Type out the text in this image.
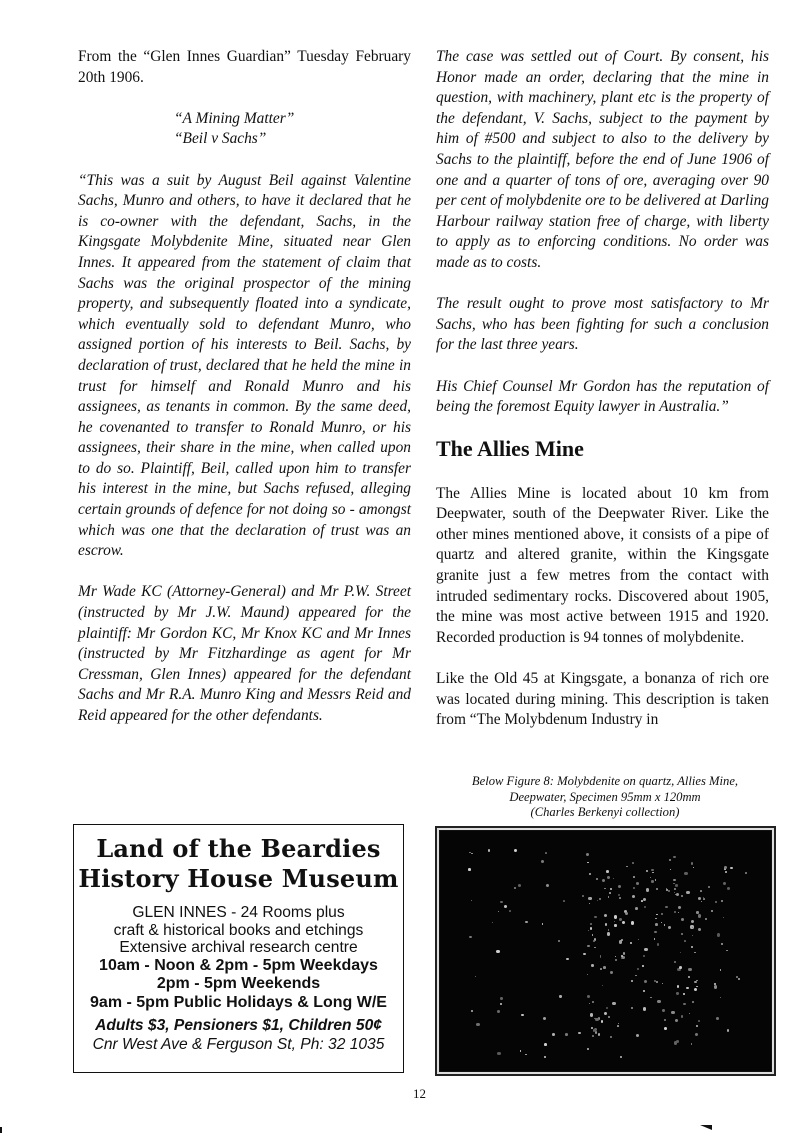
From the “Glen Innes Guardian” Tuesday February 20th 1906.

“A Mining Matter”

“Beil v Sachs”

“This was a suit by August Beil against Valentine Sachs, Munro and others, to have it declared that he is co-owner with the defendant, Sachs, in the Kingsgate Molybdenite Mine, situated near Glen Innes. It appeared from the statement of claim that Sachs was the original prospector of the mining property, and subsequently floated into a syndicate, which eventually sold to defendant Munro, who assigned portion of his interests to Beil. Sachs, by declaration of trust, declared that he held the mine in trust for himself and Ronald Munro and his assignees, as tenants in common. By the same deed, he covenanted to transfer to Ronald Munro, or his assignees, their share in the mine, when called upon to do so. Plaintiff, Beil, called upon him to transfer his interest in the mine, but Sachs refused, alleging certain grounds of defence for not doing so - amongst which was one that the declaration of trust was an escrow.

Mr Wade KC (Attorney-General) and Mr P.W. Street (instructed by Mr J.W. Maund) appeared for the plaintiff: Mr Gordon KC, Mr Knox KC and Mr Innes (instructed by Mr Fitzhardinge as agent for Mr Cressman, Glen Innes) appeared for the defendant Sachs and Mr R.A. Munro King and Messrs Reid and Reid appeared for the other defendants.

The case was settled out of Court. By consent, his Honor made an order, declaring that the mine in question, with machinery, plant etc is the property of the defendant, V. Sachs, subject to the payment by him of #500 and subject to also to the delivery by Sachs to the plaintiff, before the end of June 1906 of one and a quarter of tons of ore, averaging over 90 per cent of molybdenite ore to be delivered at Darling Harbour railway station free of charge, with liberty to apply as to enforcing conditions. No order was made as to costs.

The result ought to prove most satisfactory to Mr Sachs, who has been fighting for such a conclusion for the last three years.

His Chief Counsel Mr Gordon has the reputation of being the foremost Equity lawyer in Australia.”

The Allies Mine

The Allies Mine is located about 10 km from Deepwater, south of the Deepwater River. Like the other mines mentioned above, it consists of a pipe of quartz and altered granite, within the Kingsgate granite just a few metres from the contact with intruded sedimentary rocks. Discovered about 1905, the mine was most active between 1915 and 1920. Recorded production is 94 tonnes of molybdenite.

Like the Old 45 at Kingsgate, a bonanza of rich ore was located during mining. This description is taken from “The Molybdenum Industry in

Below Figure 8: Molybdenite on quartz, Allies Mine,
Deepwater, Specimen 95mm x 120mm
(Charles Berkenyi collection)
Land of the Beardies
History House Museum
GLEN INNES - 24 Rooms plus
craft & historical books and etchings
Extensive archival research centre
10am - Noon & 2pm - 5pm Weekdays
2pm - 5pm Weekends
9am - 5pm Public Holidays & Long W/E
Adults $3, Pensioners $1, Children 50¢
Cnr West Ave & Ferguson St, Ph: 32 1035
12
